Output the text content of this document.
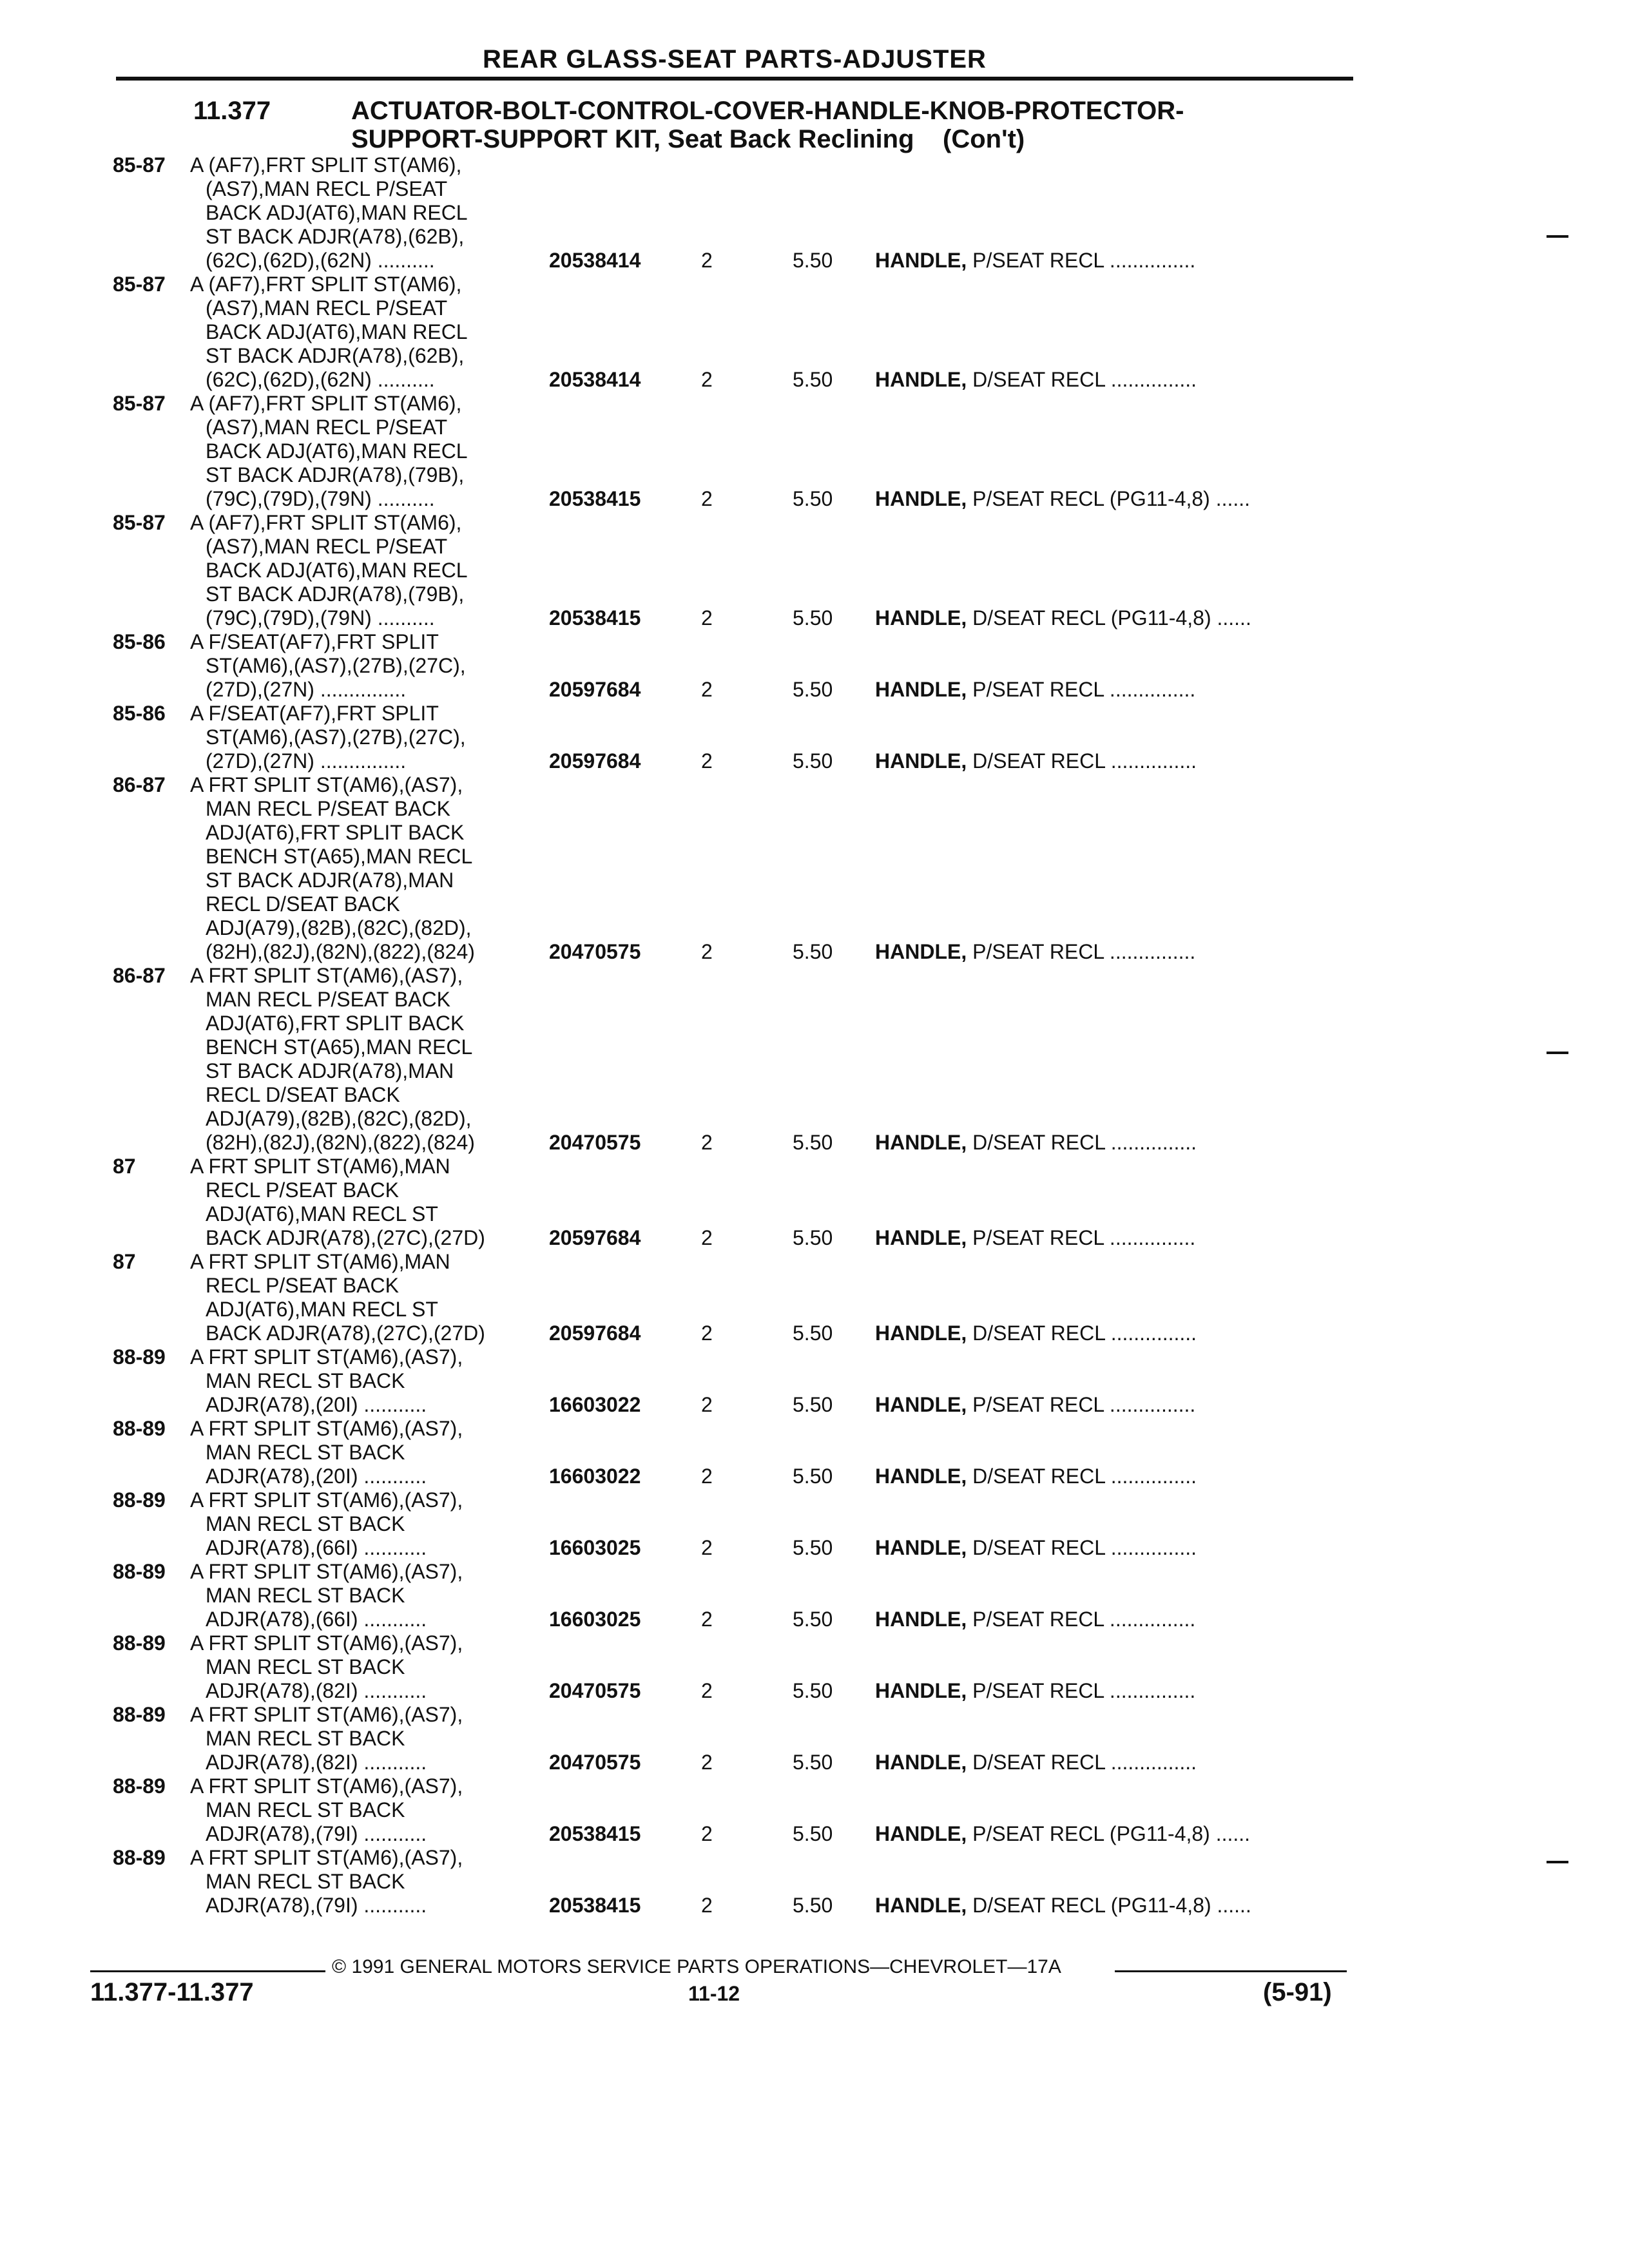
REAR GLASS-SEAT PARTS-ADJUSTER
11.377	ACTUATOR-BOLT-CONTROL-COVER-HANDLE-KNOB-PROTECTOR-
SUPPORT-SUPPORT KIT, Seat Back Reclining (Con't)
85-87	A (AF7),FRT SPLIT ST(AM6),
(AS7),MAN RECL P/SEAT
BACK ADJ(AT6),MAN RECL
ST BACK ADJR(A78),(62B),
(62C),(62D),(62N) ..........	20538414	2	5.50 HANDLE, P/SEAT RECL ...............
85-87	A (AF7),FRT SPLIT ST(AM6),
(AS7),MAN RECL P/SEAT
BACK ADJ(AT6),MAN RECL
ST BACK ADJR(A78),(62B),
(62C),(62D),(62N) ..........	20538414	2	5.50 HANDLE, D/SEAT RECL ...............
85-87	A (AF7),FRT SPLIT ST(AM6),
(AS7),MAN RECL P/SEAT
BACK ADJ(AT6),MAN RECL
ST BACK ADJR(A78),(79B),
(79C),(79D),(79N) ..........	20538415	2	5.50 HANDLE, P/SEAT RECL (PG11-4,8) ......
85-87	A (AF7),FRT SPLIT ST(AM6),
(AS7),MAN RECL P/SEAT
BACK ADJ(AT6),MAN RECL
ST BACK ADJR(A78),(79B),
(79C),(79D),(79N) ..........	20538415	2	5.50 HANDLE, D/SEAT RECL (PG11-4,8) ......
85-86	A F/SEAT(AF7),FRT SPLIT
ST(AM6),(AS7),(27B),(27C),
(27D),(27N) ...............	20597684	2	5.50 HANDLE, P/SEAT RECL ...............
85-86	A F/SEAT(AF7),FRT SPLIT
ST(AM6),(AS7),(27B),(27C),
(27D),(27N) ...............	20597684	2	5.50 HANDLE, D/SEAT RECL ...............
86-87	A FRT SPLIT ST(AM6),(AS7),
MAN RECL P/SEAT BACK
ADJ(AT6),FRT SPLIT BACK
BENCH ST(A65),MAN RECL
ST BACK ADJR(A78),MAN
RECL D/SEAT BACK
ADJ(A79),(82B),(82C),(82D),
(82H),(82J),(82N),(822),(824)	20470575	2	5.50 HANDLE, P/SEAT RECL ...............
86-87	A FRT SPLIT ST(AM6),(AS7),
MAN RECL P/SEAT BACK
ADJ(AT6),FRT SPLIT BACK
BENCH ST(A65),MAN RECL
ST BACK ADJR(A78),MAN
RECL D/SEAT BACK
ADJ(A79),(82B),(82C),(82D),
(82H),(82J),(82N),(822),(824)	20470575	2	5.50 HANDLE, D/SEAT RECL ...............
87	A FRT SPLIT ST(AM6),MAN
RECL P/SEAT BACK
ADJ(AT6),MAN RECL ST
BACK ADJR(A78),(27C),(27D)	20597684	2	5.50 HANDLE, P/SEAT RECL ...............
87	A FRT SPLIT ST(AM6),MAN
RECL P/SEAT BACK
ADJ(AT6),MAN RECL ST
BACK ADJR(A78),(27C),(27D)	20597684	2	5.50 HANDLE, D/SEAT RECL ...............
88-89	A FRT SPLIT ST(AM6),(AS7),
MAN RECL ST BACK
ADJR(A78),(20I) ...........	16603022	2	5.50 HANDLE, P/SEAT RECL ...............
88-89	A FRT SPLIT ST(AM6),(AS7),
MAN RECL ST BACK
ADJR(A78),(20I) ...........	16603022	2	5.50 HANDLE, D/SEAT RECL ...............
88-89	A FRT SPLIT ST(AM6),(AS7),
MAN RECL ST BACK
ADJR(A78),(66I) ...........	16603025	2	5.50 HANDLE, D/SEAT RECL ...............
88-89	A FRT SPLIT ST(AM6),(AS7),
MAN RECL ST BACK
ADJR(A78),(66I) ...........	16603025	2	5.50 HANDLE, P/SEAT RECL ...............
88-89	A FRT SPLIT ST(AM6),(AS7),
MAN RECL ST BACK
ADJR(A78),(82I) ...........	20470575	2	5.50 HANDLE, P/SEAT RECL ...............
88-89	A FRT SPLIT ST(AM6),(AS7),
MAN RECL ST BACK
ADJR(A78),(82I) ...........	20470575	2	5.50 HANDLE, D/SEAT RECL ...............
88-89	A FRT SPLIT ST(AM6),(AS7),
MAN RECL ST BACK
ADJR(A78),(79I) ...........	20538415	2	5.50 HANDLE, P/SEAT RECL (PG11-4,8) ......
88-89	A FRT SPLIT ST(AM6),(AS7),
MAN RECL ST BACK
ADJR(A78),(79I) ...........	20538415	2	5.50 HANDLE, D/SEAT RECL (PG11-4,8) ......
© 1991 GENERAL MOTORS SERVICE PARTS OPERATIONS—CHEVROLET—17A
11.377-11.377	11-12	(5-91)
